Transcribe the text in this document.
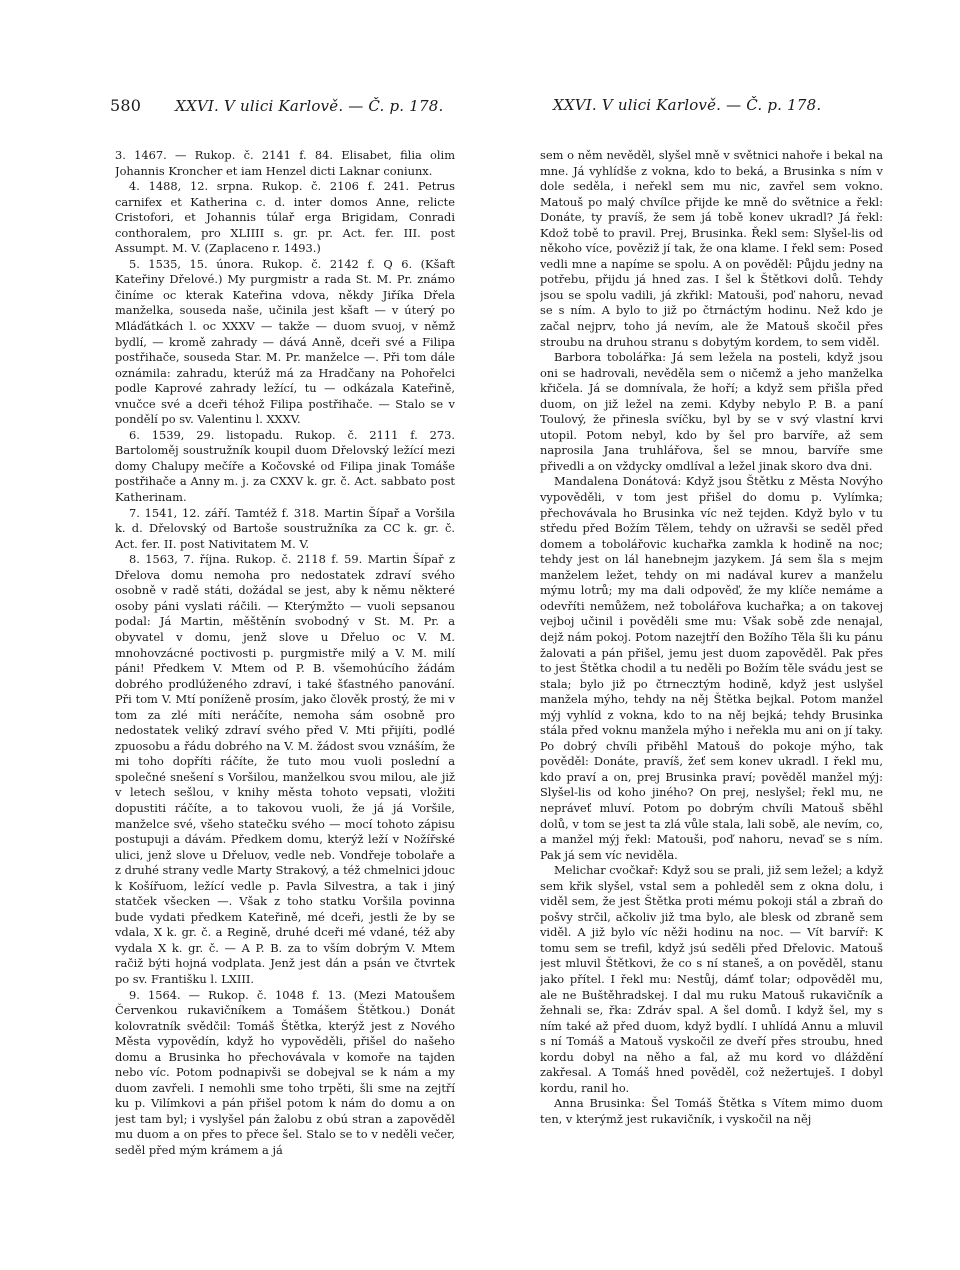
580 XXVI. V ulici Karlově. — Č. p. 178.	XXVI. V ulici Karlově. — Č. p. 178.

3. 1467. — Rukop. č. 2141 f. 84. Elisabet, filia olim Johannis Kroncher et iam Henzel dicti Laknar coniunx.

4. 1488, 12. srpna. Rukop. č. 2106 f. 241. Petrus carnifex et Katherina c. d. inter domos Anne, relicte Cristofori, et Johannis túlař erga Brigidam, Conradi conthoralem, pro XLIIII s. gr. pr. Act. fer. III. post Assumpt. M. V. (Zaplaceno r. 1493.)

5. 1535, 15. února. Rukop. č. 2142 f. Q 6. (Kšaft Kateřiny Dřelové.) My purgmistr a rada St. M. Pr. známo činíme oc kterak Kateřina vdova, někdy Jiříka Dřela manželka, souseda naše, učinila jest kšaft — v úterý po Mláďátkách l. oc XXXV — takže — duom svuoj, v němž bydlí, — kromě zahrady — dává Anně, dceři své a Filipa postřihače, souseda Star. M. Pr. manželce —. Při tom dále oznámila: zahradu, kterúž má za Hradčany na Pohořelci podle Kaprové zahrady ležící, tu — odkázala Kateřině, vnučce své a dceři téhož Filipa postřihače. — Stalo se v pondělí po sv. Valentinu l. XXXV.

6. 1539, 29. listopadu. Rukop. č. 2111 f. 273. Bartoloměj soustružník koupil duom Dřelovský ležící mezi domy Chalupy mečíře a Kočovské od Filipa jinak Tomáše postřihače a Anny m. j. za CXXV k. gr. č. Act. sabbato post Katherinam.

7. 1541, 12. září. Tamtéž f. 318. Martin Šípař a Voršila k. d. Dřelovský od Bartoše soustružníka za CC k. gr. č. Act. fer. II. post Nativitatem M. V.

8. 1563, 7. října. Rukop. č. 2118 f. 59. Martin Šípař z Dřelova domu nemoha pro nedostatek zdraví svého osobně v radě státi, dožádal se jest, aby k němu některé osoby páni vyslati ráčili. — Kterýmžto — vuoli sepsanou podal: Já Martin, měštěnín svobodný v St. M. Pr. a obyvatel v domu, jenž slove u Dřeluo oc V. M. mnohovzácné poctivosti p. purgmistře milý a V. M. milí páni! Předkem V. Mtem od P. B. všemohúcího žádám dobrého prodlúženého zdraví, i také šťastného panování. Při tom V. Mtí poníženě prosím, jako člověk prostý, že mi v tom za zlé míti neráčíte, nemoha sám osobně pro nedostatek veliký zdraví svého před V. Mti přijíti, podlé zpuosobu a řádu dobrého na V. M. žádost svou vznáším, že mi toho dopříti ráčíte, že tuto mou vuoli poslední a společné snešení s Voršilou, manželkou svou milou, ale již v letech sešlou, v knihy města tohoto vepsati, vložiti dopustiti ráčíte, a to takovou vuoli, že já já Voršile, manželce své, všeho statečku svého — mocí tohoto zápisu postupuji a dávám. Předkem domu, kterýž leží v Nožířské ulici, jenž slove u Dřeluov, vedle neb. Vondřeje tobolaře a z druhé strany vedle Marty Strakový, a též chmelnici jdouc k Košířuom, ležící vedle p. Pavla Silvestra, a tak i jiný statček všecken —. Však z toho statku Voršila povinna bude vydati předkem Kateřině, mé dceři, jestli že by se vdala, X k. gr. č. a Regině, druhé dceři mé vdané, též aby vydala X k. gr. č. — A P. B. za to vším dobrým V. Mtem račiž býti hojná vodplata. Jenž jest dán a psán ve čtvrtek po sv. Františku l. LXIII.

9. 1564. — Rukop. č. 1048 f. 13. (Mezi Matoušem Červenkou rukavičníkem a Tomášem Štětkou.) Donát kolovratník svědčil: Tomáš Štětka, kterýž jest z Nového Města vypovědín, když ho vypověděli, přišel do našeho domu a Brusinka ho přechovávala v komoře na tajden nebo víc. Potom podnapivši se dobejval se k nám a my duom zavřeli. I nemohli sme toho trpěti, šli sme na zejtří ku p. Vilímkovi a pán přišel potom k nám do domu a on jest tam byl; i vyslyšel pán žalobu z obú stran a zapověděl mu duom a on přes to přece šel. Stalo se to v neděli večer, seděl před mým krámem a já

sem o něm nevěděl, slyšel mně v světnici nahoře i bekal na mne. Já vyhlídše z vokna, kdo to beká, a Brusinka s ním v dole seděla, i neřekl sem mu nic, zavřel sem vokno. Matouš po malý chvílce přijde ke mně do světnice a řekl: Donáte, ty pravíš, že sem já tobě konev ukradl? Já řekl: Kdož tobě to pravil. Prej, Brusinka. Řekl sem: Slyšel-lis od někoho více, pověziž jí tak, že ona klame. I řekl sem: Poseď vedli mne a napíme se spolu. A on pověděl: Půjdu jedny na potřebu, přijdu já hned zas. I šel k Štětkovi dolů. Tehdy jsou se spolu vadili, já zkřikl: Matouši, poď nahoru, nevaď se s ním. A bylo to již po čtrnáctým hodinu. Než kdo je začal nejprv, toho já nevím, ale že Matouš skočil přes stroubu na druhou stranu s dobytým kordem, to sem viděl.

Barbora tobolářka: Já sem ležela na posteli, když jsou oni se hadrovali, nevěděla sem o ničemž a jeho manželka křičela. Já se domnívala, že hoří; a když sem přišla před duom, on již ležel na zemi. Kdyby nebylo P. B. a paní Toulový, že přinesla svíčku, byl by se v svý vlastní krvi utopil. Potom nebyl, kdo by šel pro barvíře, až sem naprosila Jana truhlářova, šel se mnou, barvíře sme přivedli a on vždycky omdlíval a ležel jinak skoro dva dni.

Mandalena Donátová: Když jsou Štětku z Města Novýho vypověděli, v tom jest přišel do domu p. Vylímka; přechovávala ho Brusinka víc než tejden. Když bylo v tu středu před Božím Tělem, tehdy on užravši se seděl před domem a tobolářovic kuchařka zamkla k hodině na noc; tehdy jest on lál hanebnejm jazykem. Já sem šla s mejm manželem ležet, tehdy on mi nadával kurev a manželu mýmu lotrů; my ma dali odpověď, že my klíče nemáme a odevříti nemůžem, než tobolářova kuchařka; a on takovej vejboj učinil i pověděli sme mu: Však sobě zde nenajal, dejž nám pokoj. Potom nazejtří den Božího Těla šli ku pánu žalovati a pán přišel, jemu jest duom zapověděl. Pak přes to jest Štětka chodil a tu neděli po Božím těle svádu jest se stala; bylo již po čtrnecztým hodině, když jest uslyšel manžela mýho, tehdy na něj Štětka bejkal. Potom manžel mýj vyhlíd z vokna, kdo to na něj bejká; tehdy Brusinka stála před voknu manžela mýho i neřekla mu ani on jí taky. Po dobrý chvíli přiběhl Matouš do pokoje mýho, tak pověděl: Donáte, pravíš, žeť sem konev ukradl. I řekl mu, kdo praví a on, prej Brusinka praví; pověděl manžel mýj: Slyšel-lis od koho jiného? On prej, neslyšel; řekl mu, ne nepráveť mluví. Potom po dobrým chvíli Matouš sběhl dolů, v tom se jest ta zlá vůle stala, lali sobě, ale nevím, co, a manžel mýj řekl: Matouši, poď nahoru, nevaď se s ním. Pak já sem víc neviděla.

Melichar cvočkař: Když sou se prali, již sem ležel; a když sem křik slyšel, vstal sem a pohleděl sem z okna dolu, i viděl sem, že jest Štětka proti mému pokoji stál a zbraň do pošvy strčil, ačkoliv již tma bylo, ale blesk od zbraně sem viděl. A již bylo víc něži hodinu na noc. — Vít barvíř: K tomu sem se trefil, když jsú seděli před Dřelovic. Matouš jest mluvil Štětkovi, že co s ní staneš, a on pověděl, stanu jako přítel. I řekl mu: Nestůj, dámť tolar; odpověděl mu, ale ne Buštěhradskej. I dal mu ruku Matouš rukavičník a žehnali se, řka: Zdráv spal. A šel domů. I když šel, my s ním také až před duom, když bydlí. I uhlídá Annu a mluvil s ní Tomáš a Matouš vyskočil ze dveří přes stroubu, hned kordu dobyl na něho a fal, až mu kord vo dláždění zakřesal. A Tomáš hned pověděl, což nežertuješ. I dobyl kordu, ranil ho.

Anna Brusinka: Šel Tomáš Štětka s Vítem mimo duom ten, v kterýmž jest rukavičník, i vyskočil na něj
